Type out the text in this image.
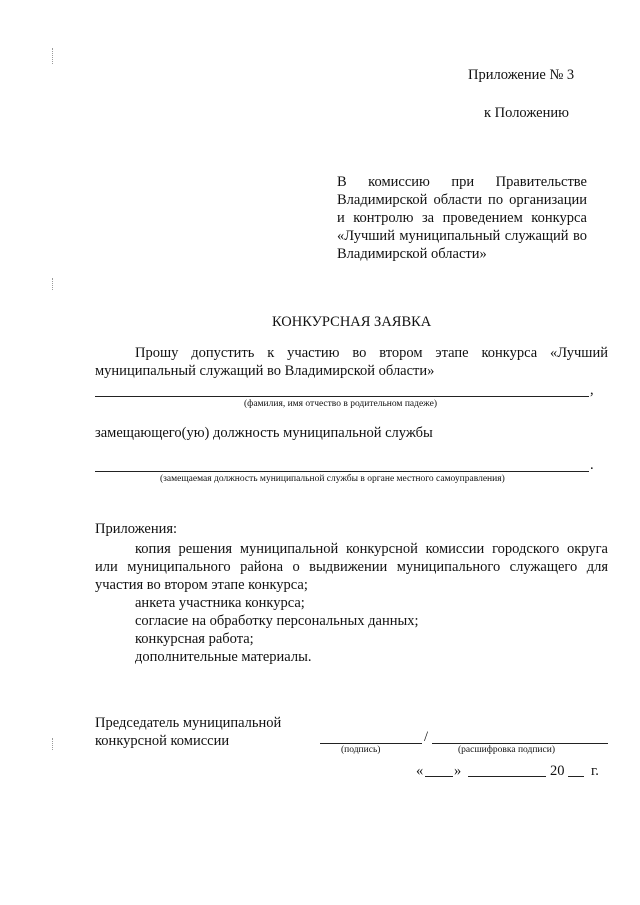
Приложение № 3
к Положению
В комиссию при Правительстве
Владимирской области по организации
и контролю за проведением конкурса
«Лучший муниципальный служащий во
Владимирской области»
КОНКУРСНАЯ ЗАЯВКА
Прошу допустить к участию во втором этапе конкурса «Лучший
муниципальный служащий во Владимирской области»
,
(фамилия, имя отчество в родительном падеже)
замещающего(ую) должность муниципальной службы
.
(замещаемая должность муниципальной службы в органе местного самоуправления)
Приложения:
копия решения муниципальной конкурсной комиссии городского округа
или муниципального района о выдвижении муниципального служащего для
участия во втором этапе конкурса;
анкета участника конкурса;
согласие на обработку персональных данных;
конкурсная работа;
дополнительные материалы.
Председатель муниципальной
конкурсной комиссии	/
(подпись)	(расшифровка подписи)
« »	20 г.
